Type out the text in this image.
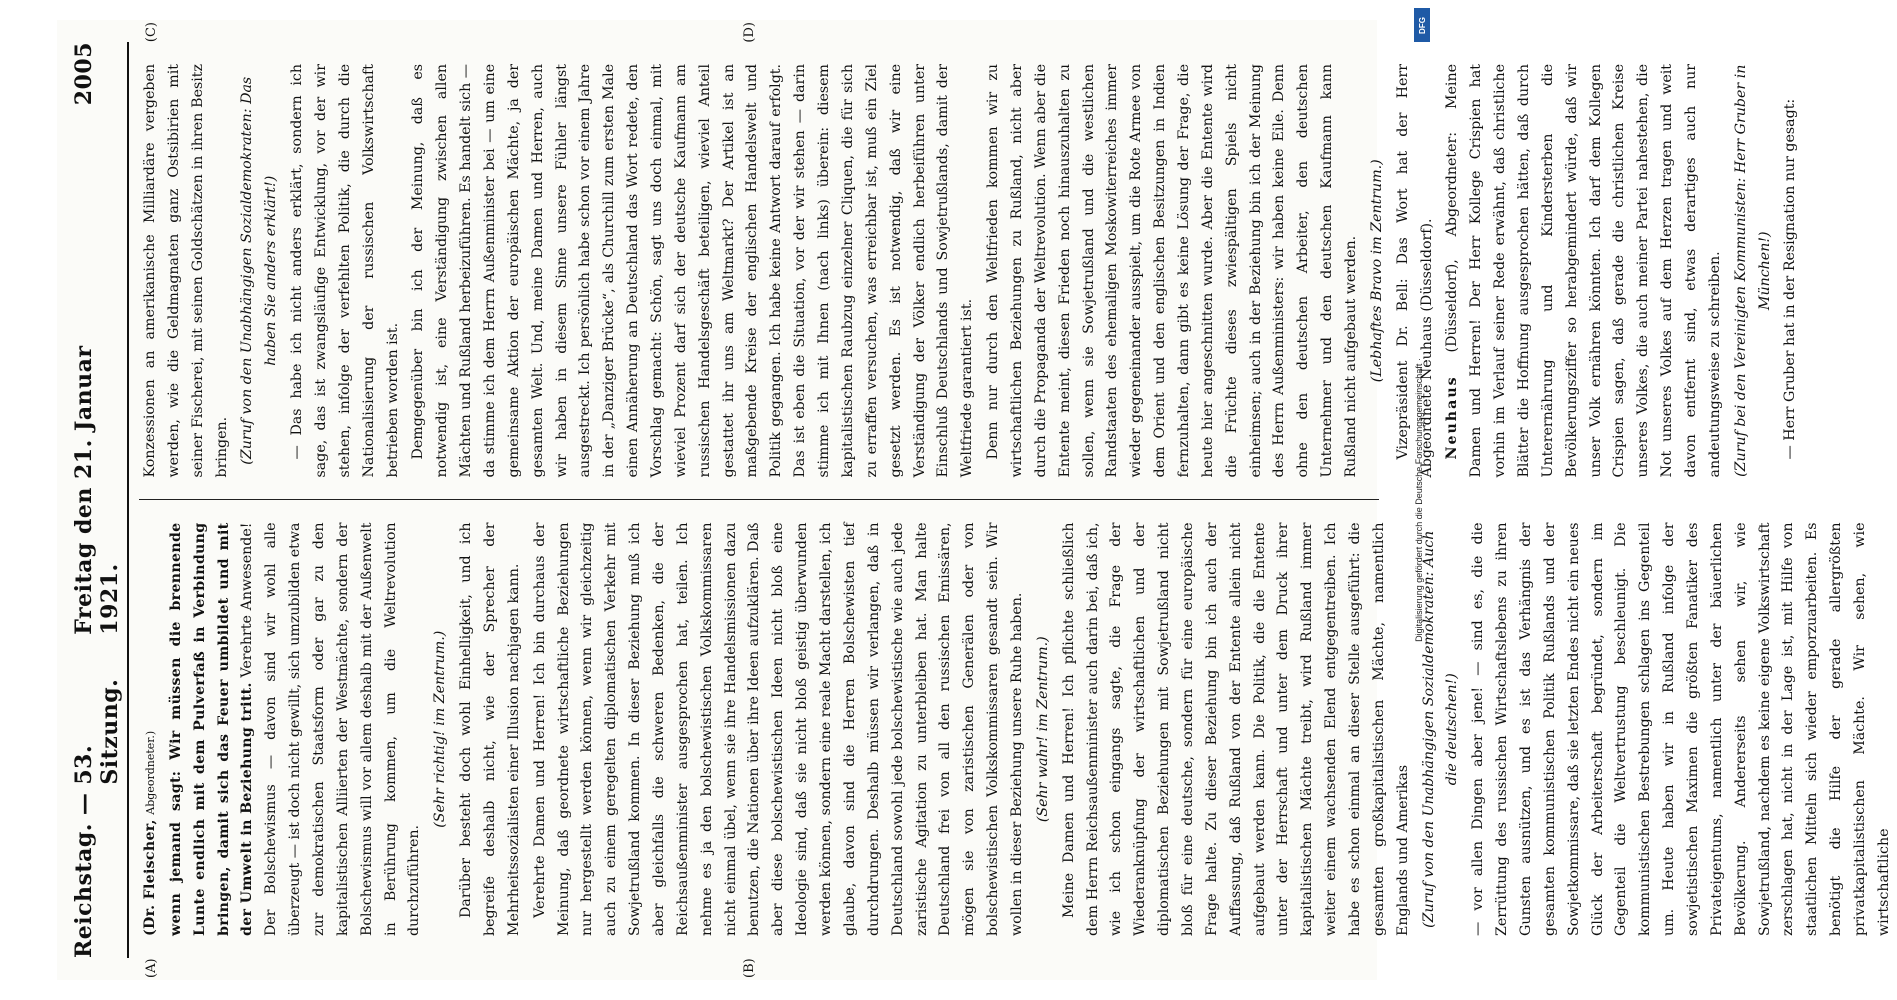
Digitalisierung gefördert durch die Deutsche Forschungsgemeinschaft ·
DFG
Reichstag.
—
53. Sitzung.
Freitag den 21. Januar 1921.
2005
(A)	(B)

(Dr. Fleischer, Abgeordneter.) wenn jemand sagt: Wir müssen die brennende Lunte endlich mit dem Pulverfaß in Verbindung bringen, damit sich das Feuer umbildet und mit der Umwelt in Beziehung tritt. Verehrte Anwesende! Der Bolschewismus — davon sind wir wohl alle überzeugt — ist doch nicht gewillt, sich umzubilden etwa zur demokratischen Staatsform oder gar zu den kapitalistischen Alliierten der Westmächte, sondern der Bolschewismus will vor allem deshalb mit der Außenwelt in Berührung kommen, um die Weltrevolution durchzuführen.

(Sehr richtig! im Zentrum.) Darüber besteht doch wohl Einhelligkeit, und ich begreife deshalb nicht, wie der Sprecher der Mehrheitssozialisten einer Illusion nachjagen kann. Verehrte Damen und Herren! Ich bin durchaus der Meinung, daß geordnete wirtschaftliche Beziehungen nur hergestellt werden können, wenn wir gleichzeitig auch zu einem geregelten diplomatischen Verkehr mit Sowjetrußland kommen. In dieser Beziehung muß ich aber gleichfalls die schweren Bedenken, die der Reichsaußenminister ausgesprochen hat, teilen. Ich nehme es ja den bolschewistischen Volkskommissaren nicht einmal übel, wenn sie ihre Handelsmissionen dazu benutzen, die Nationen über ihre Ideen aufzuklären. Daß aber diese bolschewistischen Ideen nicht bloß eine Ideologie sind, daß sie nicht bloß geistig überwunden werden können, sondern eine reale Macht darstellen, ich glaube, davon sind die Herren Bolschewisten tief durchdrungen. Deshalb müssen wir verlangen, daß in Deutschland sowohl jede bolschewistische wie auch jede zaristische Agitation zu unterbleiben hat. Man halte Deutschland frei von all den russischen Emissären, mögen sie von zaristischen Generälen oder von bolschewistischen Volkskommissaren gesandt sein. Wir wollen in dieser Beziehung unsere Ruhe haben. (Sehr wahr! im Zentrum.) Meine Damen und Herren! Ich pflichte schließlich dem Herrn Reichsaußenminister auch darin bei, daß ich, wie ich schon eingangs sagte, die Frage der Wiederanknüpfung der wirtschaftlichen und der diplomatischen Beziehungen mit Sowjetrußland nicht bloß für eine deutsche, sondern für eine europäische Frage halte. Zu dieser Beziehung bin ich auch der Auffassung, daß Rußland von der Entente allein nicht aufgebaut werden kann. Die Politik, die die Entente unter der Herrschaft und unter dem Druck ihrer kapitalistischen Mächte treibt, wird Rußland immer weiter einem wachsenden Elend entgegentreiben. Ich habe es schon einmal an dieser Stelle ausgeführt: die gesamten großkapitalistischen Mächte, namentlich Englands und Amerikas (Zuruf von den Unabhängigen Sozialdemokraten: Auch die deutschen!) — vor allen Dingen aber jene! — sind es, die die Zerrüttung des russischen Wirtschaftslebens zu ihren Gunsten ausnützen, und es ist das Verhängnis der gesamten kommunistischen Politik Rußlands und der Sowjetkommissare, daß sie letzten Endes nicht ein neues Glück der Arbeiterschaft begründet, sondern im Gegenteil die Weltvertrustung beschleunigt. Die kommunistischen Bestrebungen schlagen ins Gegenteil um. Heute haben wir in Rußland infolge der sowjetistischen Maximen die größten Fanatiker des Privateigentums, namentlich unter der bäuerlichen Bevölkerung. Andererseits sehen wir, wie Sowjetrußland, nachdem es keine eigene Volkswirtschaft zerschlagen hat, nicht in der Lage ist, mit Hilfe von staatlichen Mitteln sich wieder emporzuarbeiten. Es benötigt die Hilfe der gerade allergrößten privatkapitalistischen Mächte. Wir sehen, wie wirtschaftliche

(C)	(D)

Konzessionen an amerikanische Milliardäre vergeben werden, wie die Geldmagnaten ganz Ostsibirien mit seiner Fischerei, mit seinen Goldschätzen in ihren Besitz bringen. (Zuruf von den Unabhängigen Sozialdemokraten: Das haben Sie anders erklärt!) — Das habe ich nicht anders erklärt, sondern ich sage, das ist zwangsläufige Entwicklung, vor der wir stehen, infolge der verfehlten Politik, die durch die Nationalisierung der russischen Volkswirtschaft betrieben worden ist. Demgegenüber bin ich der Meinung, daß es notwendig ist, eine Verständigung zwischen allen Mächten und Rußland herbeizuführen. Es handelt sich — da stimme ich dem Herrn Außenminister bei — um eine gemeinsame Aktion der europäischen Mächte, ja der gesamten Welt. Und, meine Damen und Herren, auch wir haben in diesem Sinne unsere Fühler längst ausgestreckt. Ich persönlich habe schon vor einem Jahre in der „Danziger Brücke“, als Churchill zum ersten Male einen Annäherung an Deutschland das Wort redete, den Vorschlag gemacht: Schön, sagt uns doch einmal, mit wieviel Prozent darf sich der deutsche Kaufmann am russischen Handelsgeschäft beteiligen, wieviel Anteil gestattet ihr uns am Weltmarkt? Der Artikel ist an maßgebende Kreise der englischen Handelswelt und Politik gegangen. Ich habe keine Antwort darauf erfolgt. Das ist eben die Situation, vor der wir stehen — darin stimme ich mit Ihnen (nach links) überein: diesem kapitalistischen Raubzug einzelner Cliquen, die für sich zu erraffen versuchen, was erreichbar ist, muß ein Ziel gesetzt werden. Es ist notwendig, daß wir eine Verständigung der Völker endlich herbeiführen unter Einschluß Deutschlands und Sowjetrußlands, damit der Weltfriede garantiert ist. Denn nur durch den Weltfrieden kommen wir zu wirtschaftlichen Beziehungen zu Rußland, nicht aber durch die Propaganda der Weltrevolution. Wenn aber die Entente meint, diesen Frieden noch hinauszuhalten zu sollen, wenn sie Sowjetrußland und die westlichen Randstaaten des ehemaligen Moskowiterreiches immer wieder gegeneinander ausspielt, um die Rote Armee von dem Orient und den englischen Besitzungen in Indien fernzuhalten, dann gibt es keine Lösung der Frage, die heute hier angeschnitten wurde. Aber die Entente wird die Früchte dieses zwiespältigen Spiels nicht einheimsen; auch in der Beziehung bin ich der Meinung des Herrn Außenministers: wir haben keine Eile. Denn ohne den deutschen Arbeiter, den deutschen Unternehmer und den deutschen Kaufmann kann Rußland nicht aufgebaut werden. (Lebhaftes Bravo im Zentrum.) Vizepräsident Dr. Bell: Das Wort hat der Herr Abgeordnete Neuhaus (Düsseldorf). Neuhaus (Düsseldorf), Abgeordneter: Meine Damen und Herren! Der Herr Kollege Crispien hat vorhin im Verlauf seiner Rede erwähnt, daß christliche Blätter die Hoffnung ausgesprochen hätten, daß durch Unterernährung und Kindersterben die Bevölkerungsziffer so herabgemindert würde, daß wir unser Volk ernähren könnten. Ich darf dem Kollegen Crispien sagen, daß gerade die christlichen Kreise unseres Volkes, die auch meiner Partei nahestehen, die Not unseres Volkes auf dem Herzen tragen und weit davon entfernt sind, etwas derartiges auch nur andeutungsweise zu schreiben. (Zuruf bei den Vereinigten Kommunisten: Herr Gruber in München!) — Herr Gruber hat in der Resignation nur gesagt:
